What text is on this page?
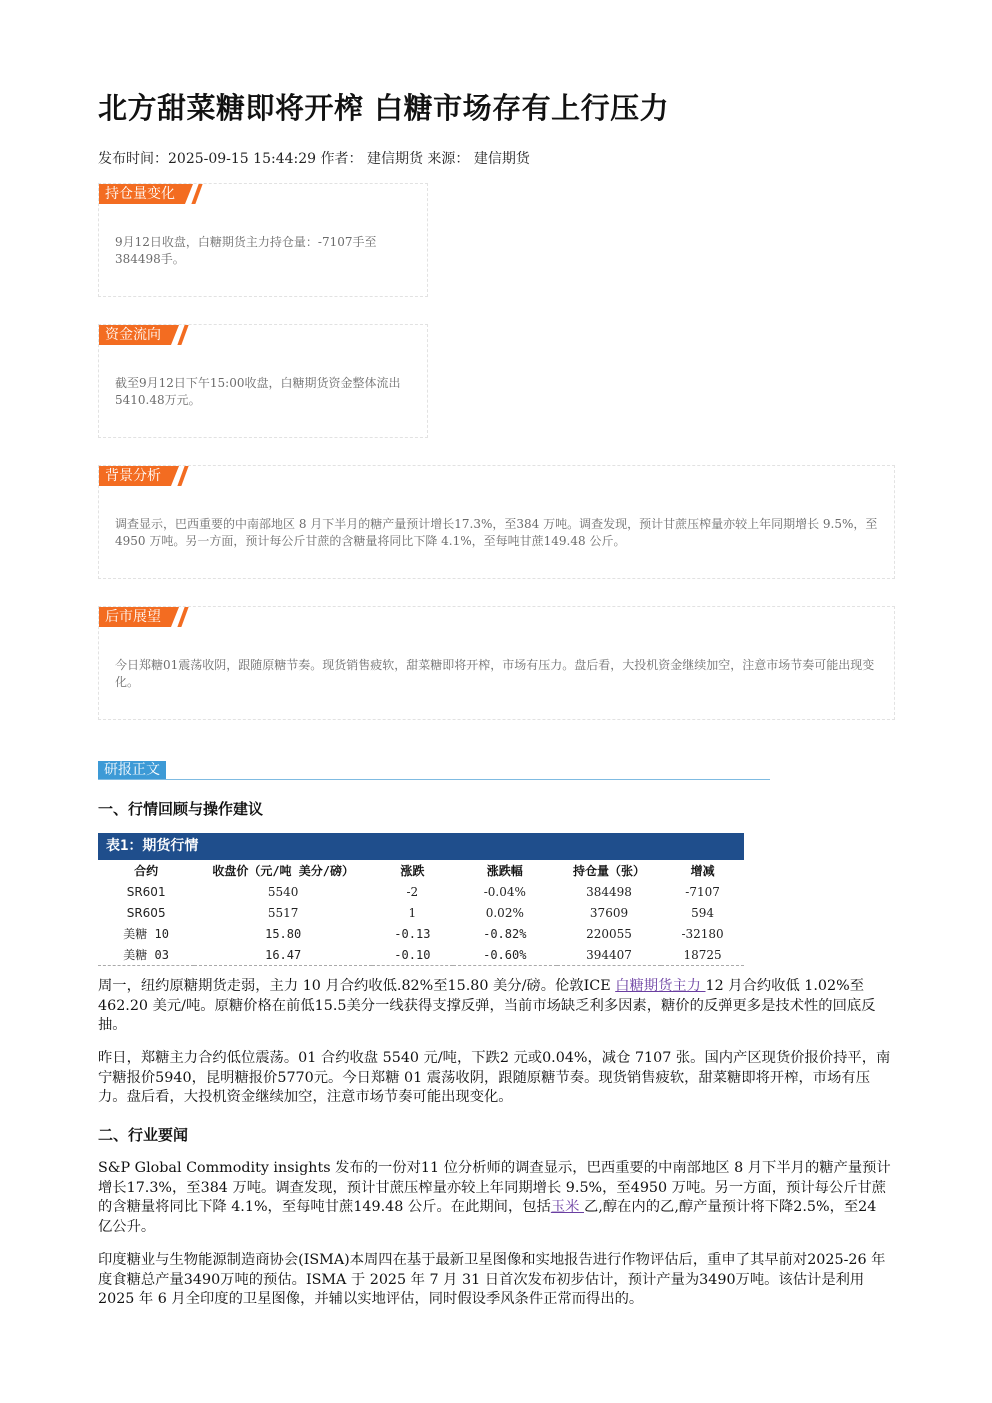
北方甜菜糖即将开榨 白糖市场存有上行压力
发布时间：2025-09-15 15:44:29 作者： 建信期货 来源： 建信期货
持仓量变化
9月12日收盘，白糖期货主力持仓量：-7107手至384498手。
资金流向
截至9月12日下午15:00收盘，白糖期货资金整体流出5410.48万元。
背景分析
调查显示，巴西重要的中南部地区 8 月下半月的糖产量预计增长17.3%，至384 万吨。调查发现，预计甘蔗压榨量亦较上年同期增长 9.5%，至4950 万吨。另一方面，预计每公斤甘蔗的含糖量将同比下降 4.1%，至每吨甘蔗149.48 公斤。
后市展望
今日郑糖01震荡收阴，跟随原糖节奏。现货销售疲软，甜菜糖即将开榨，市场有压力。盘后看，大投机资金继续加空，注意市场节奏可能出现变化。
研报正文
一、行情回顾与操作建议
表1：期货行情
合约	收盘价（元/吨 美分/磅）	涨跌	涨跌幅	持仓量（张）	增减
SR601	5540	-2	-0.04%	384498	-7107
SR605	5517	1	0.02%	37609	594
美糖 10	15.80	-0.13	-0.82%	220055	-32180
美糖 03	16.47	-0.10	-0.60%	394407	18725
周一，纽约原糖期货走弱，主力 10 月合约收低.82%至15.80 美分/磅。伦敦ICE 白糖期货主力 12 月合约收低 1.02%至 462.20 美元/吨。原糖价格在前低15.5美分一线获得支撑反弹，当前市场缺乏利多因素，糖价的反弹更多是技术性的回底反抽。
昨日，郑糖主力合约低位震荡。01 合约收盘 5540 元/吨，下跌2 元或0.04%，减仓 7107 张。国内产区现货价报价持平，南宁糖报价5940，昆明糖报价5770元。今日郑糖 01 震荡收阴，跟随原糖节奏。现货销售疲软，甜菜糖即将开榨，市场有压力。盘后看，大投机资金继续加空，注意市场节奏可能出现变化。
二、行业要闻
S&P Global Commodity insights 发布的一份对11 位分析师的调查显示，巴西重要的中南部地区 8 月下半月的糖产量预计增长17.3%，至384 万吨。调查发现，预计甘蔗压榨量亦较上年同期增长 9.5%，至4950 万吨。另一方面，预计每公斤甘蔗的含糖量将同比下降 4.1%，至每吨甘蔗149.48 公斤。在此期间，包括玉米 乙,醇在内的乙,醇产量预计将下降2.5%，至24 亿公升。
印度糖业与生物能源制造商协会(ISMA)本周四在基于最新卫星图像和实地报告进行作物评估后，重申了其早前对2025-26 年度食糖总产量3490万吨的预估。ISMA 于 2025 年 7 月 31 日首次发布初步估计，预计产量为3490万吨。该估计是利用 2025 年 6 月全印度的卫星图像，并辅以实地评估，同时假设季风条件正常而得出的。
